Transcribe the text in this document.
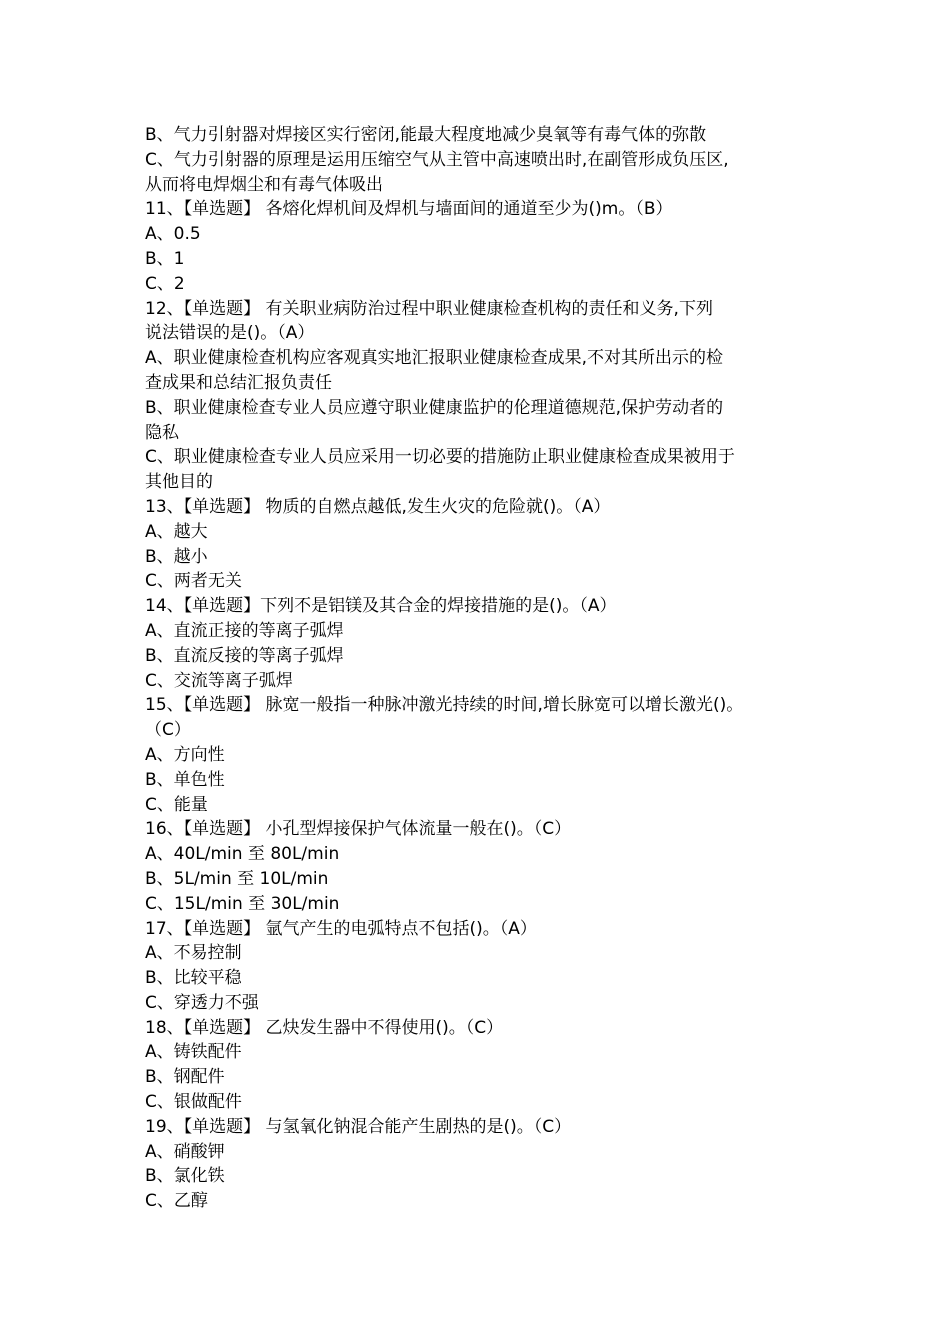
B、气力引射器对焊接区实行密闭,能最大程度地减少臭氧等有毒气体的弥散
C、气力引射器的原理是运用压缩空气从主管中高速喷出时,在副管形成负压区,
从而将电焊烟尘和有毒气体吸出
11、【单选题】 各熔化焊机间及焊机与墙面间的通道至少为()m。（B）
A、0.5
B、1
C、2
12、【单选题】 有关职业病防治过程中职业健康检查机构的责任和义务,下列
说法错误的是()。（A）
A、职业健康检查机构应客观真实地汇报职业健康检查成果,不对其所出示的检
查成果和总结汇报负责任
B、职业健康检查专业人员应遵守职业健康监护的伦理道德规范,保护劳动者的
隐私
C、职业健康检查专业人员应采用一切必要的措施防止职业健康检查成果被用于
其他目的
13、【单选题】 物质的自燃点越低,发生火灾的危险就()。（A）
A、越大
B、越小
C、两者无关
14、【单选题】下列不是铝镁及其合金的焊接措施的是()。（A）
A、直流正接的等离子弧焊
B、直流反接的等离子弧焊
C、交流等离子弧焊
15、【单选题】 脉宽一般指一种脉冲激光持续的时间,增长脉宽可以增长激光()。
（C）
A、方向性
B、单色性
C、能量
16、【单选题】 小孔型焊接保护气体流量一般在()。（C）
A、40L/min 至 80L/min
B、5L/min 至 10L/min
C、15L/min 至 30L/min
17、【单选题】 氩气产生的电弧特点不包括()。（A）
A、不易控制
B、比较平稳
C、穿透力不强
18、【单选题】 乙炔发生器中不得使用()。（C）
A、铸铁配件
B、钢配件
C、银做配件
19、【单选题】 与氢氧化钠混合能产生剧热的是()。（C）
A、硝酸钾
B、氯化铁
C、乙醇
